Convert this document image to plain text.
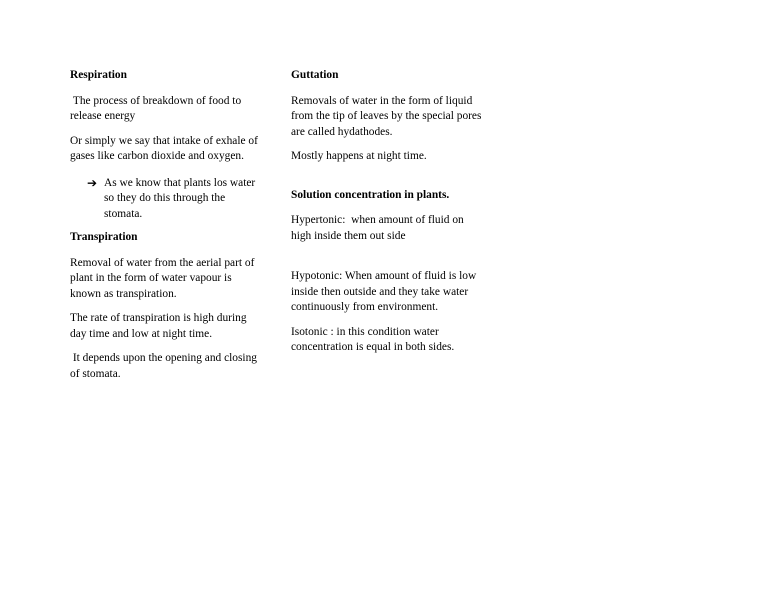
Respiration
The process of breakdown of food to release energy
Or simply we say that intake of exhale of gases like carbon dioxide and oxygen.
➔ As we know that plants los water so they do this through the stomata.
Transpiration
Removal of water from the aerial part of plant in the form of water vapour is known as transpiration.
The rate of transpiration is high during day time and low at night time.
It depends upon the opening and closing of stomata.
Guttation
Removals of water in the form of liquid from the tip of leaves by the special pores are called hydathodes.
Mostly happens at night time.
Solution concentration in plants.
Hypertonic:  when amount of fluid on high inside them out side
Hypotonic: When amount of fluid is low inside then outside and they take water continuously from environment.
Isotonic : in this condition water concentration is equal in both sides.
